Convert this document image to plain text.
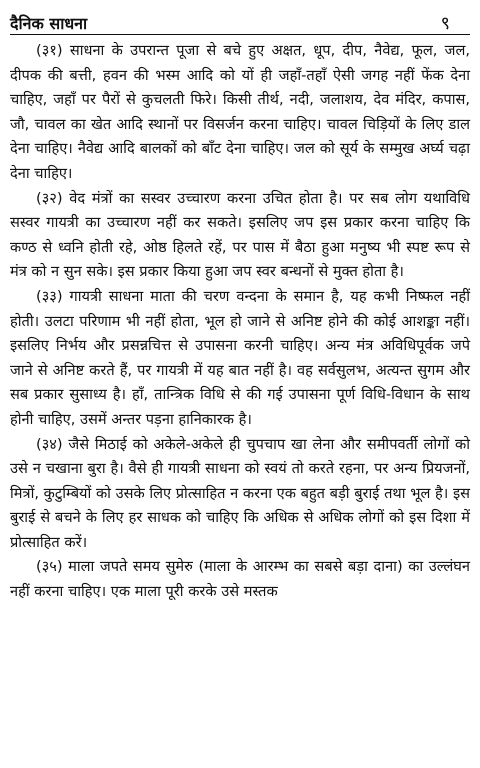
दैनिक साधना	९

(३१) साधना के उपरान्त पूजा से बचे हुए अक्षत, धूप, दीप, नैवेद्य, फूल, जल, दीपक की बत्ती, हवन की भस्म आदि को यों ही जहाँ-तहाँ ऐसी जगह नहीं फेंक देना चाहिए, जहाँ पर पैरों से कुचलती फिरे। किसी तीर्थ, नदी, जलाशय, देव मंदिर, कपास, जौ, चावल का खेत आदि स्थानों पर विसर्जन करना चाहिए। चावल चिड़ियों के लिए डाल देना चाहिए। नैवेद्य आदि बालकों को बाँट देना चाहिए। जल को सूर्य के सम्मुख अर्घ्य चढ़ा देना चाहिए।

(३२) वेद मंत्रों का सस्वर उच्चारण करना उचित होता है। पर सब लोग यथाविधि सस्वर गायत्री का उच्चारण नहीं कर सकते। इसलिए जप इस प्रकार करना चाहिए कि कण्ठ से ध्वनि होती रहे, ओष्ठ हिलते रहें, पर पास में बैठा हुआ मनुष्य भी स्पष्ट रूप से मंत्र को न सुन सके। इस प्रकार किया हुआ जप स्वर बन्धनों से मुक्त होता है।

(३३) गायत्री साधना माता की चरण वन्दना के समान है, यह कभी निष्फल नहीं होती। उलटा परिणाम भी नहीं होता, भूल हो जाने से अनिष्ट होने की कोई आशङ्का नहीं। इसलिए निर्भय और प्रसन्नचित्त से उपासना करनी चाहिए। अन्य मंत्र अविधिपूर्वक जपे जाने से अनिष्ट करते हैं, पर गायत्री में यह बात नहीं है। वह सर्वसुलभ, अत्यन्त सुगम और सब प्रकार सुसाध्य है। हाँ, तान्त्रिक विधि से की गई उपासना पूर्ण विधि-विधान के साथ होनी चाहिए, उसमें अन्तर पड़ना हानिकारक है।

(३४) जैसे मिठाई को अकेले-अकेले ही चुपचाप खा लेना और समीपवर्ती लोगों को उसे न चखाना बुरा है। वैसे ही गायत्री साधना को स्वयं तो करते रहना, पर अन्य प्रियजनों, मित्रों, कुटुम्बियों को उसके लिए प्रोत्साहित न करना एक बहुत बड़ी बुराई तथा भूल है। इस बुराई से बचने के लिए हर साधक को चाहिए कि अधिक से अधिक लोगों को इस दिशा में प्रोत्साहित करें।

(३५) माला जपते समय सुमेरु (माला के आरम्भ का सबसे बड़ा दाना) का उल्लंघन नहीं करना चाहिए। एक माला पूरी करके उसे मस्तक
